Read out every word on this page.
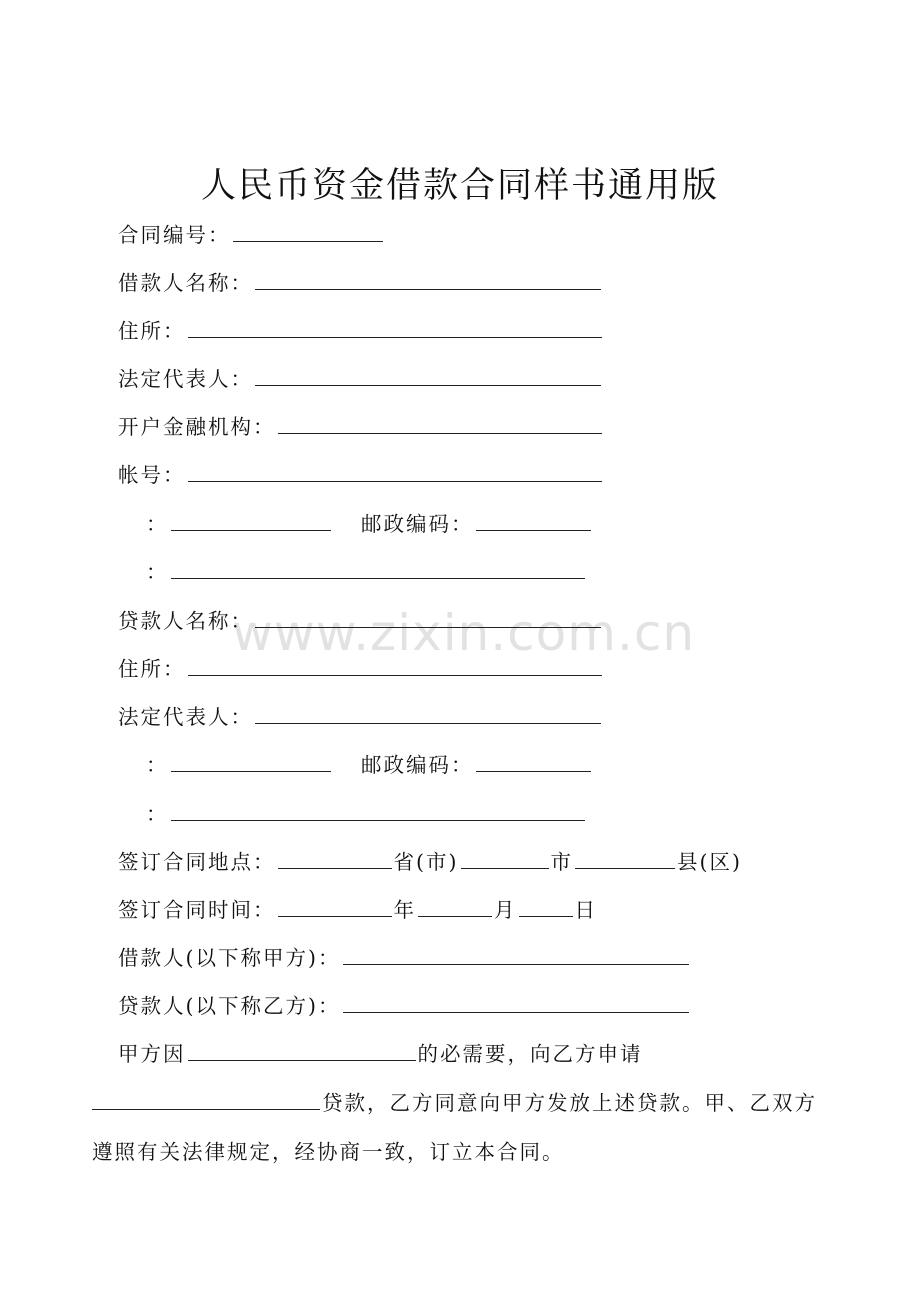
人民币资金借款合同样书通用版
www.zixin.com.cn
合同编号：
借款人名称：
住所：
法定代表人：
开户金融机构：
帐号：
：	邮政编码：
：
贷款人名称：
住所：
法定代表人：
：	邮政编码：
：
签订合同地点：	省(市)	市	县(区)
签订合同时间：	年	月	日
借款人(以下称甲方)：
贷款人(以下称乙方)：
甲方因	的必需要，向乙方申请
贷款，乙方同意向甲方发放上述贷款。甲、乙双方
遵照有关法律规定，经协商一致，订立本合同。
